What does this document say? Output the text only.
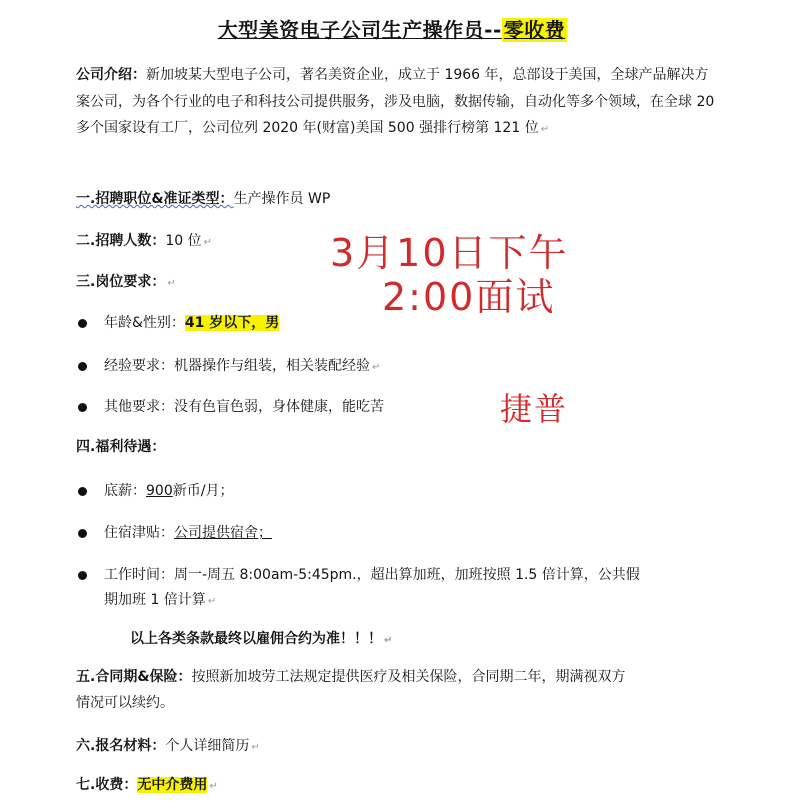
大型美资电子公司生产操作员-- 零收费
公司介绍：新加坡某大型电子公司，著名美资企业，成立于 1966 年，总部设于美国，全球产品解决方案公司，为各个行业的电子和科技公司提供服务，涉及电脑，数据传输，自动化等多个领域，在全球 20 多个国家设有工厂，公司位列 2020 年(财富)美国 500 强排行榜第 121 位 ↵
一.招聘职位&准证类型：生产操作员 WP
二.招聘人数：10 位 ↵
三.岗位要求： ↵
年龄&性别：41 岁以下，男
经验要求：机器操作与组装，相关装配经验 ↵
其他要求：没有色盲色弱，身体健康，能吃苦
四.福利待遇：
底薪：900新币/月；
住宿津贴：公司提供宿舍；
工作时间：周一-周五 8:00am-5:45pm.，超出算加班，加班按照 1.5 倍计算，公共假
期加班 1 倍计算 ↵
以上各类条款最终以雇佣合约为准！！！ ↵
五.合同期&保险：按照新加坡劳工法规定提供医疗及相关保险，合同期二年，期满视双方
情况可以续约。
六.报名材料：个人详细简历 ↵
七.收费：无中介费用 ↵
3月10日下午
2:00面试
捷普
